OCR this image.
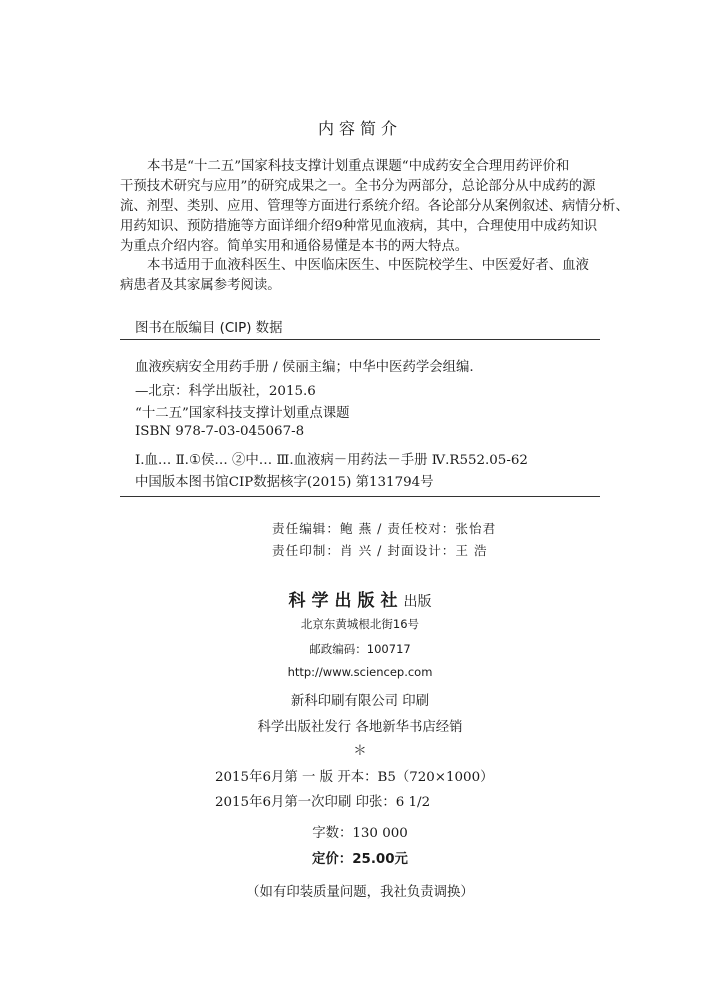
内容简介
本书是“十二五”国家科技支撑计划重点课题“中成药安全合理用药评价和
干预技术研究与应用”的研究成果之一。全书分为两部分，总论部分从中成药的源
流、剂型、类别、应用、管理等方面进行系统介绍。各论部分从案例叙述、病情分析、
用药知识、预防措施等方面详细介绍9种常见血液病，其中，合理使用中成药知识
为重点介绍内容。简单实用和通俗易懂是本书的两大特点。
本书适用于血液科医生、中医临床医生、中医院校学生、中医爱好者、血液
病患者及其家属参考阅读。
图书在版编目 (CIP) 数据
血液疾病安全用药手册 / 侯丽主编；中华中医药学会组编.
—北京：科学出版社，2015.6
“十二五”国家科技支撑计划重点课题
ISBN 978-7-03-045067-8
Ⅰ.血… Ⅱ.①侯… ②中… Ⅲ.血液病－用药法－手册 Ⅳ.R552.05-62
中国版本图书馆CIP数据核字(2015) 第131794号
责任编辑：鲍 燕 / 责任校对：张怡君
责任印制：肖 兴 / 封面设计：王 浩
科学出版社出版
北京东黄城根北街16号
邮政编码：100717
http://www.sciencep.com
新科印刷有限公司 印刷
科学出版社发行 各地新华书店经销
＊
2015年6月第 一 版 开本：B5（720×1000）
2015年6月第一次印刷 印张：6 1/2
字数：130 000
定价：25.00元
（如有印装质量问题，我社负责调换）
